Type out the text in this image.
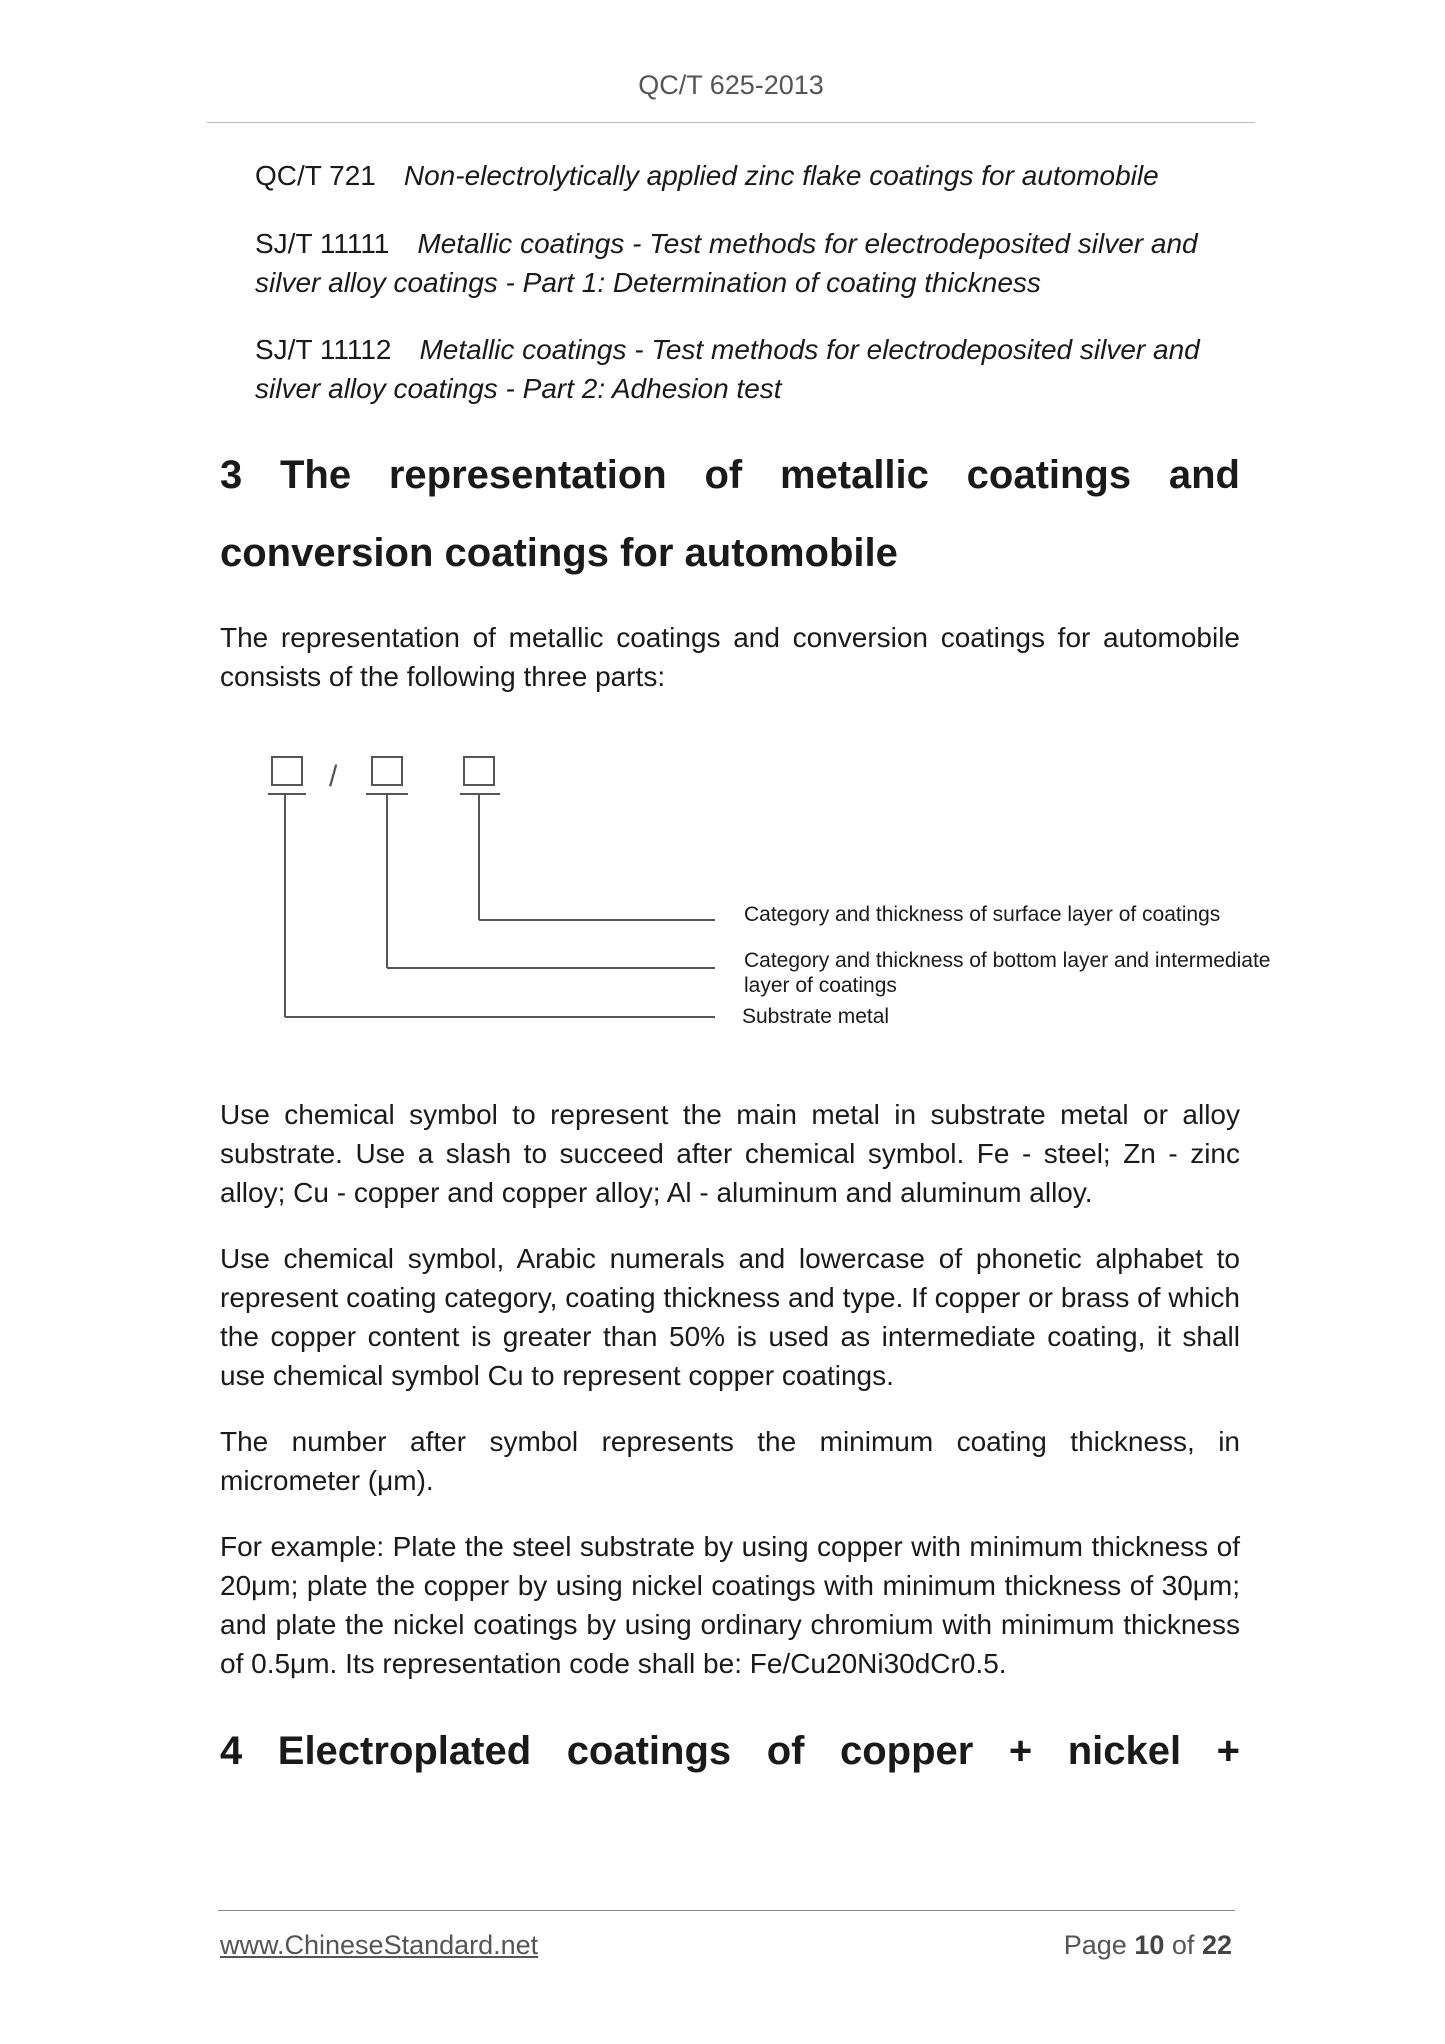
QC/T 625-2013
QC/T 721 Non-electrolytically applied zinc flake coatings for automobile
SJ/T 11111 Metallic coatings - Test methods for electrodeposited silver and silver alloy coatings - Part 1: Determination of coating thickness
SJ/T 11112 Metallic coatings - Test methods for electrodeposited silver and silver alloy coatings - Part 2: Adhesion test
3 The representation of metallic coatings and
conversion coatings for automobile
The representation of metallic coatings and conversion coatings for automobile consists of the following three parts:
/
Category and thickness of surface layer of coatings
Category and thickness of bottom layer and intermediate layer of coatings
Substrate metal
Use chemical symbol to represent the main metal in substrate metal or alloy substrate. Use a slash to succeed after chemical symbol. Fe - steel; Zn - zinc alloy; Cu - copper and copper alloy; Al - aluminum and aluminum alloy.
Use chemical symbol, Arabic numerals and lowercase of phonetic alphabet to represent coating category, coating thickness and type. If copper or brass of which the copper content is greater than 50% is used as intermediate coating, it shall use chemical symbol Cu to represent copper coatings.
The number after symbol represents the minimum coating thickness, in micrometer (μm).
For example: Plate the steel substrate by using copper with minimum thickness of 20μm; plate the copper by using nickel coatings with minimum thickness of 30μm; and plate the nickel coatings by using ordinary chromium with minimum thickness of 0.5μm. Its representation code shall be: Fe/Cu20Ni30dCr0.5.
4 Electroplated coatings of copper + nickel +
www.ChineseStandard.net	Page 10 of 22
